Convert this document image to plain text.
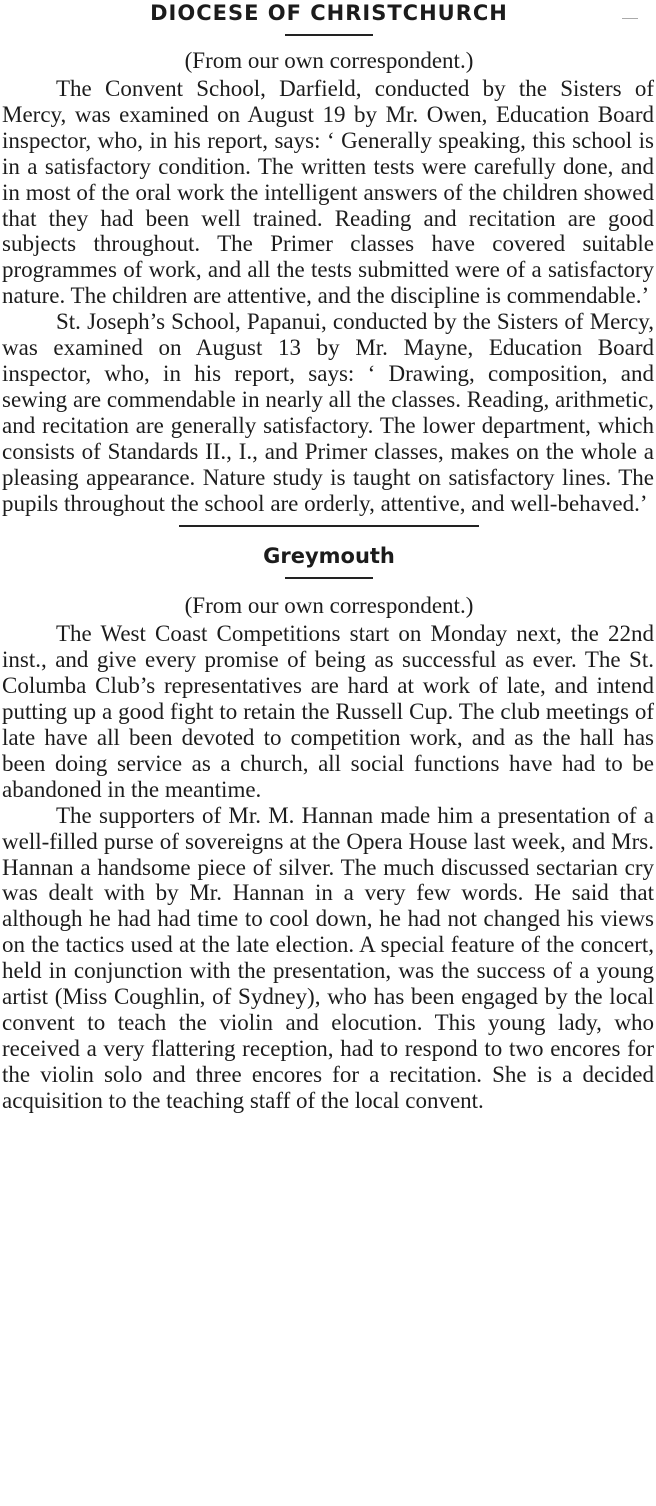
DIOCESE OF CHRISTCHURCH

(From our own correspondent.)

The Convent School, Darfield, conducted by the Sisters of Mercy, was examined on August 19 by Mr. Owen, Education Board inspector, who, in his report, says: ‘ Generally speaking, this school is in a satisfactory condition. The written tests were carefully done, and in most of the oral work the intelligent answers of the children showed that they had been well trained. Reading and recitation are good subjects throughout. The Primer classes have covered suitable programmes of work, and all the tests submitted were of a satisfactory nature. The children are attentive, and the discipline is commendable.’

St. Joseph’s School, Papanui, conducted by the Sisters of Mercy, was examined on August 13 by Mr. Mayne, Education Board inspector, who, in his report, says: ‘ Drawing, composition, and sewing are commendable in nearly all the classes. Reading, arithmetic, and recitation are generally satisfactory. The lower department, which consists of Standards II., I., and Primer classes, makes on the whole a pleasing appearance. Nature study is taught on satisfactory lines. The pupils throughout the school are orderly, attentive, and well-behaved.’

Greymouth

(From our own correspondent.)

The West Coast Competitions start on Monday next, the 22nd inst., and give every promise of being as successful as ever. The St. Columba Club’s representatives are hard at work of late, and intend putting up a good fight to retain the Russell Cup. The club meetings of late have all been devoted to competition work, and as the hall has been doing service as a church, all social functions have had to be abandoned in the meantime.

The supporters of Mr. M. Hannan made him a presentation of a well-filled purse of sovereigns at the Opera House last week, and Mrs. Hannan a handsome piece of silver. The much discussed sectarian cry was dealt with by Mr. Hannan in a very few words. He said that although he had had time to cool down, he had not changed his views on the tactics used at the late election. A special feature of the concert, held in conjunction with the presentation, was the success of a young artist (Miss Coughlin, of Sydney), who has been engaged by the local convent to teach the violin and elocution. This young lady, who received a very flattering reception, had to respond to two encores for the violin solo and three encores for a recitation. She is a decided acquisition to the teaching staff of the local convent.
